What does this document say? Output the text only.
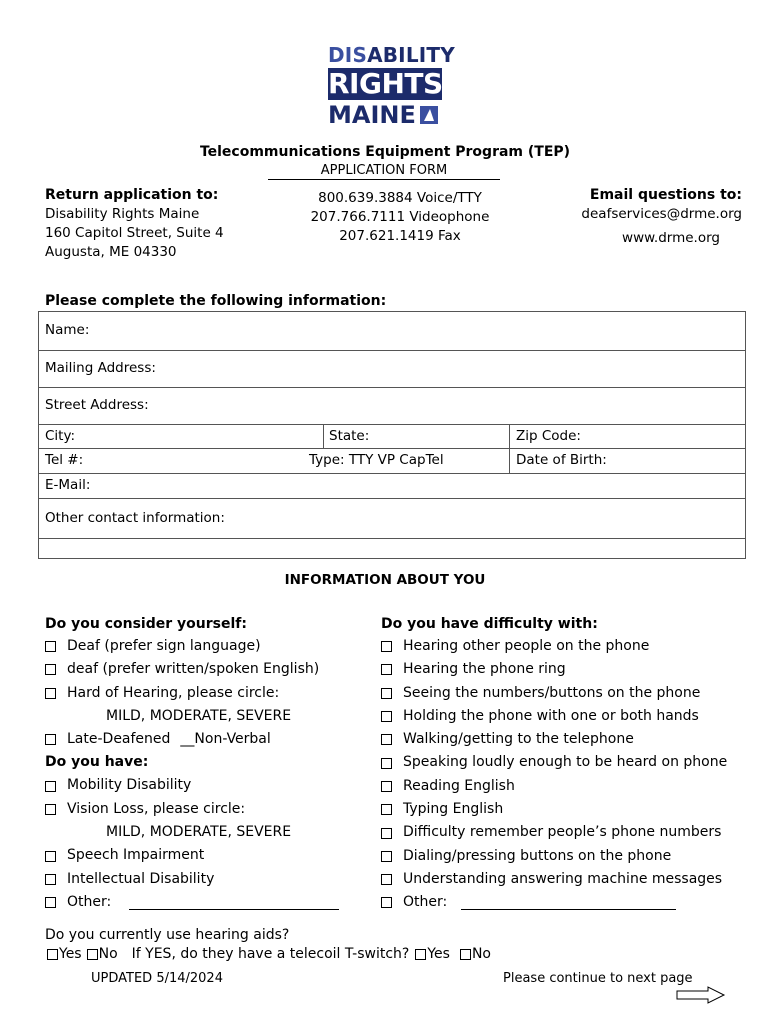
DISABILITY
RIGHTS
MAINE
Telecommunications Equipment Program (TEP)
APPLICATION FORM
Return application to:
Disability Rights Maine
160 Capitol Street, Suite 4
Augusta, ME 04330
800.639.3884 Voice/TTY
207.766.7111 Videophone
207.621.1419 Fax
Email questions to:
deafservices@drme.org
www.drme.org
Please complete the following information:
Name:
Mailing Address:
Street Address:
City:	State:	Zip Code:
Tel #:	Type: TTY VP CapTel	Date of Birth:
E-Mail:
Other contact information:
INFORMATION ABOUT YOU
Do you consider yourself:
Deaf (prefer sign language)
deaf (prefer written/spoken English)
Hard of Hearing, please circle:
MILD, MODERATE, SEVERE
Late-Deafened __Non-Verbal
Do you have:
Mobility Disability
Vision Loss, please circle:
MILD, MODERATE, SEVERE
Speech Impairment
Intellectual Disability
Other:
Do you have difficulty with:
Hearing other people on the phone
Hearing the phone ring
Seeing the numbers/buttons on the phone
Holding the phone with one or both hands
Walking/getting to the telephone
Speaking loudly enough to be heard on phone
Reading English
Typing English
Difficulty remember people’s phone numbers
Dialing/pressing buttons on the phone
Understanding answering machine messages
Other:
Do you currently use hearing aids?
Yes No If YES, do they have a telecoil T-switch? Yes No
UPDATED 5/14/2024	Please continue to next page
